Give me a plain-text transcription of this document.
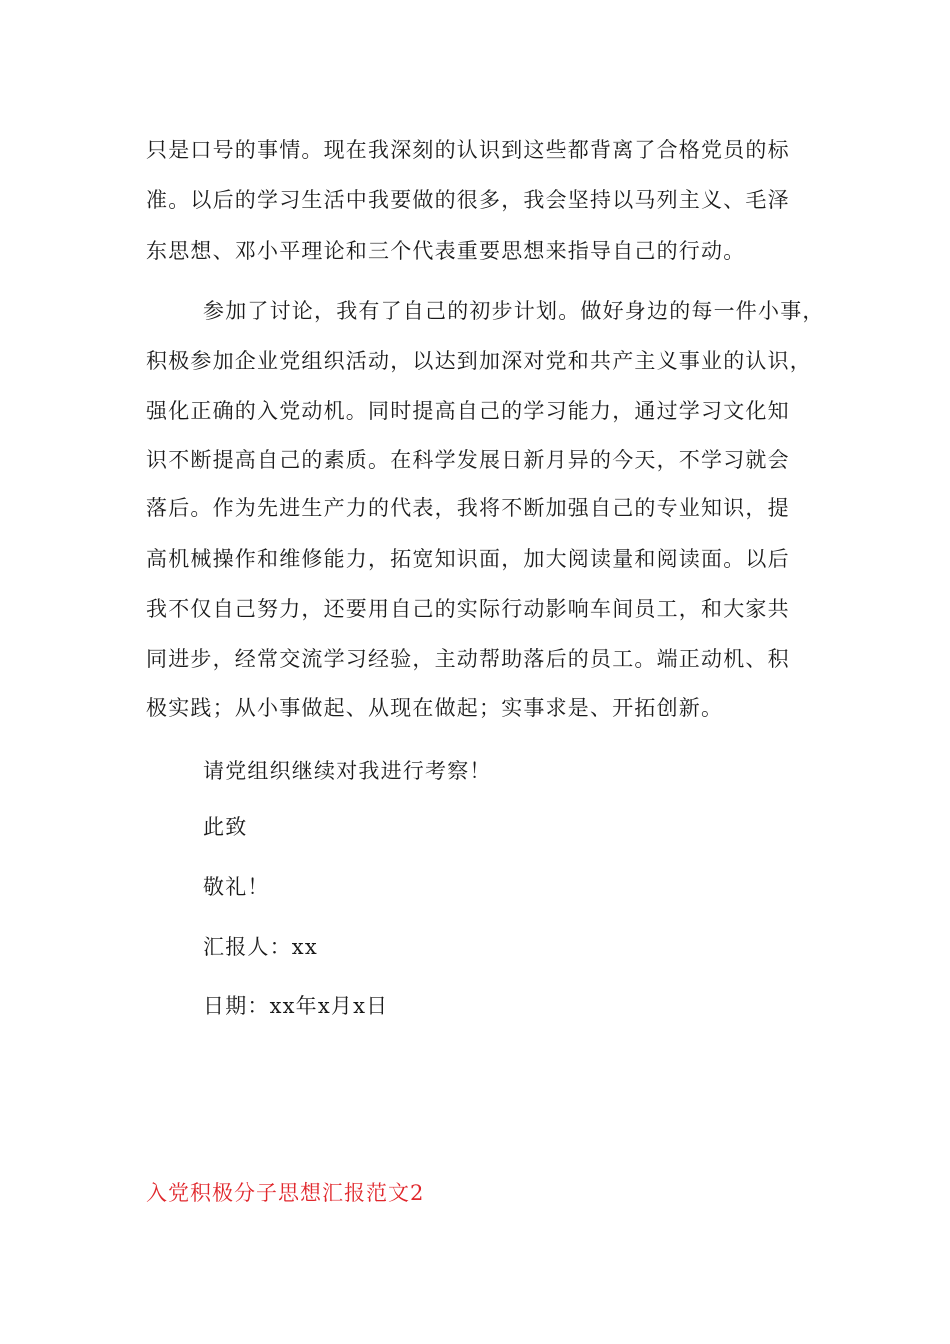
只是口号的事情。现在我深刻的认识到这些都背离了合格党员的标
准。以后的学习生活中我要做的很多，我会坚持以马列主义、毛泽
东思想、邓小平理论和三个代表重要思想来指导自己的行动。
参加了讨论，我有了自己的初步计划。做好身边的每一件小事，
积极参加企业党组织活动，以达到加深对党和共产主义事业的认识，
强化正确的入党动机。同时提高自己的学习能力，通过学习文化知
识不断提高自己的素质。在科学发展日新月异的今天，不学习就会
落后。作为先进生产力的代表，我将不断加强自己的专业知识，提
高机械操作和维修能力，拓宽知识面，加大阅读量和阅读面。以后
我不仅自己努力，还要用自己的实际行动影响车间员工，和大家共
同进步，经常交流学习经验，主动帮助落后的员工。端正动机、积
极实践；从小事做起、从现在做起；实事求是、开拓创新。
请党组织继续对我进行考察！
此致
敬礼！
汇报人：xx
日期：xx年x月x日
入党积极分子思想汇报范文2
